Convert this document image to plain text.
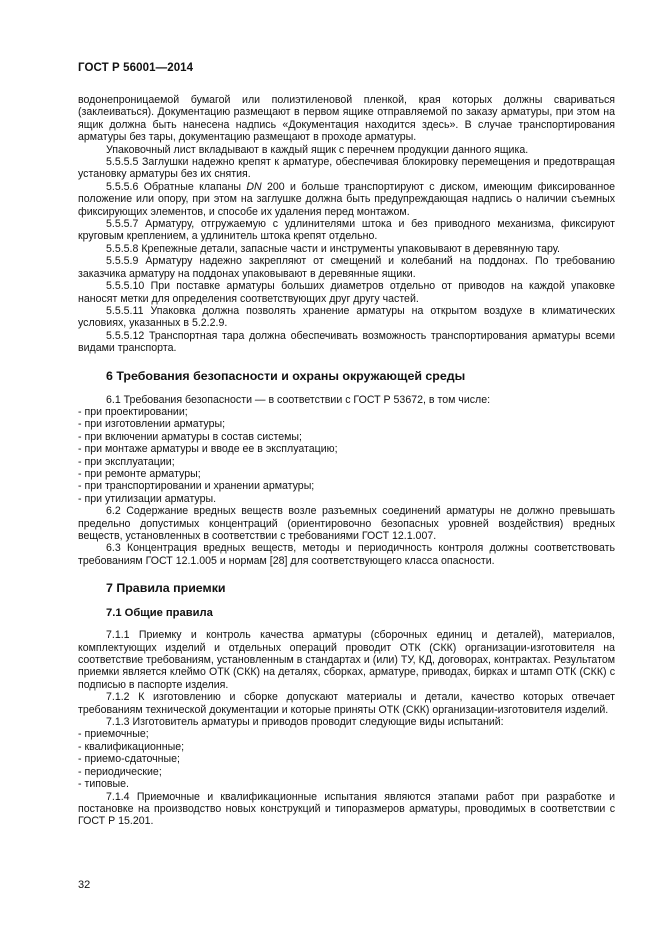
ГОСТ Р 56001—2014

водонепроницаемой бумагой или полиэтиленовой пленкой, края которых должны свариваться (заклеиваться). Документацию размещают в первом ящике отправляемой по заказу арматуры, при этом на ящик должна быть нанесена надпись «Документация находится здесь». В случае транспортирования арматуры без тары, документацию размещают в проходе арматуры.

Упаковочный лист вкладывают в каждый ящик с перечнем продукции данного ящика.

5.5.5.5 Заглушки надежно крепят к арматуре, обеспечивая блокировку перемещения и предотвращая установку арматуры без их снятия.

5.5.5.6 Обратные клапаны DN 200 и больше транспортируют с диском, имеющим фиксированное положение или опору, при этом на заглушке должна быть предупреждающая надпись о наличии съемных фиксирующих элементов, и способе их удаления перед монтажом.

5.5.5.7 Арматуру, отгружаемую с удлинителями штока и без приводного механизма, фиксируют круговым креплением, а удлинитель штока крепят отдельно.

5.5.5.8 Крепежные детали, запасные части и инструменты упаковывают в деревянную тару.

5.5.5.9 Арматуру надежно закрепляют от смещений и колебаний на поддонах. По требованию заказчика арматуру на поддонах упаковывают в деревянные ящики.

5.5.5.10 При поставке арматуры больших диаметров отдельно от приводов на каждой упаковке наносят метки для определения соответствующих друг другу частей.

5.5.5.11 Упаковка должна позволять хранение арматуры на открытом воздухе в климатических условиях, указанных в 5.2.2.9.

5.5.5.12 Транспортная тара должна обеспечивать возможность транспортирования арматуры всеми видами транспорта.

6 Требования безопасности и охраны окружающей среды

6.1 Требования безопасности — в соответствии с ГОСТ Р 53672, в том числе:

- при проектировании;

- при изготовлении арматуры;

- при включении арматуры в состав системы;

- при монтаже арматуры и вводе ее в эксплуатацию;

- при эксплуатации;

- при ремонте арматуры;

- при транспортировании и хранении арматуры;

- при утилизации арматуры.

6.2 Содержание вредных веществ возле разъемных соединений арматуры не должно превышать предельно допустимых концентраций (ориентировочно безопасных уровней воздействия) вредных веществ, установленных в соответствии с требованиями ГОСТ 12.1.007.

6.3 Концентрация вредных веществ, методы и периодичность контроля должны соответствовать требованиям ГОСТ 12.1.005 и нормам [28] для соответствующего класса опасности.

7 Правила приемки
7.1 Общие правила

7.1.1 Приемку и контроль качества арматуры (сборочных единиц и деталей), материалов, комплектующих изделий и отдельных операций проводит ОТК (СКК) организации-изготовителя на соответствие требованиям, установленным в стандартах и (или) ТУ, КД, договорах, контрактах. Результатом приемки является клеймо ОТК (СКК) на деталях, сборках, арматуре, приводах, бирках и штамп ОТК (СКК) с подписью в паспорте изделия.

7.1.2 К изготовлению и сборке допускают материалы и детали, качество которых отвечает требованиям технической документации и которые приняты ОТК (СКК) организации-изготовителя изделий.

7.1.3 Изготовитель арматуры и приводов проводит следующие виды испытаний:

- приемочные;

- квалификационные;

- приемо-сдаточные;

- периодические;

- типовые.

7.1.4 Приемочные и квалификационные испытания являются этапами работ при разработке и постановке на производство новых конструкций и типоразмеров арматуры, проводимых в соответствии с ГОСТ Р 15.201.

32
